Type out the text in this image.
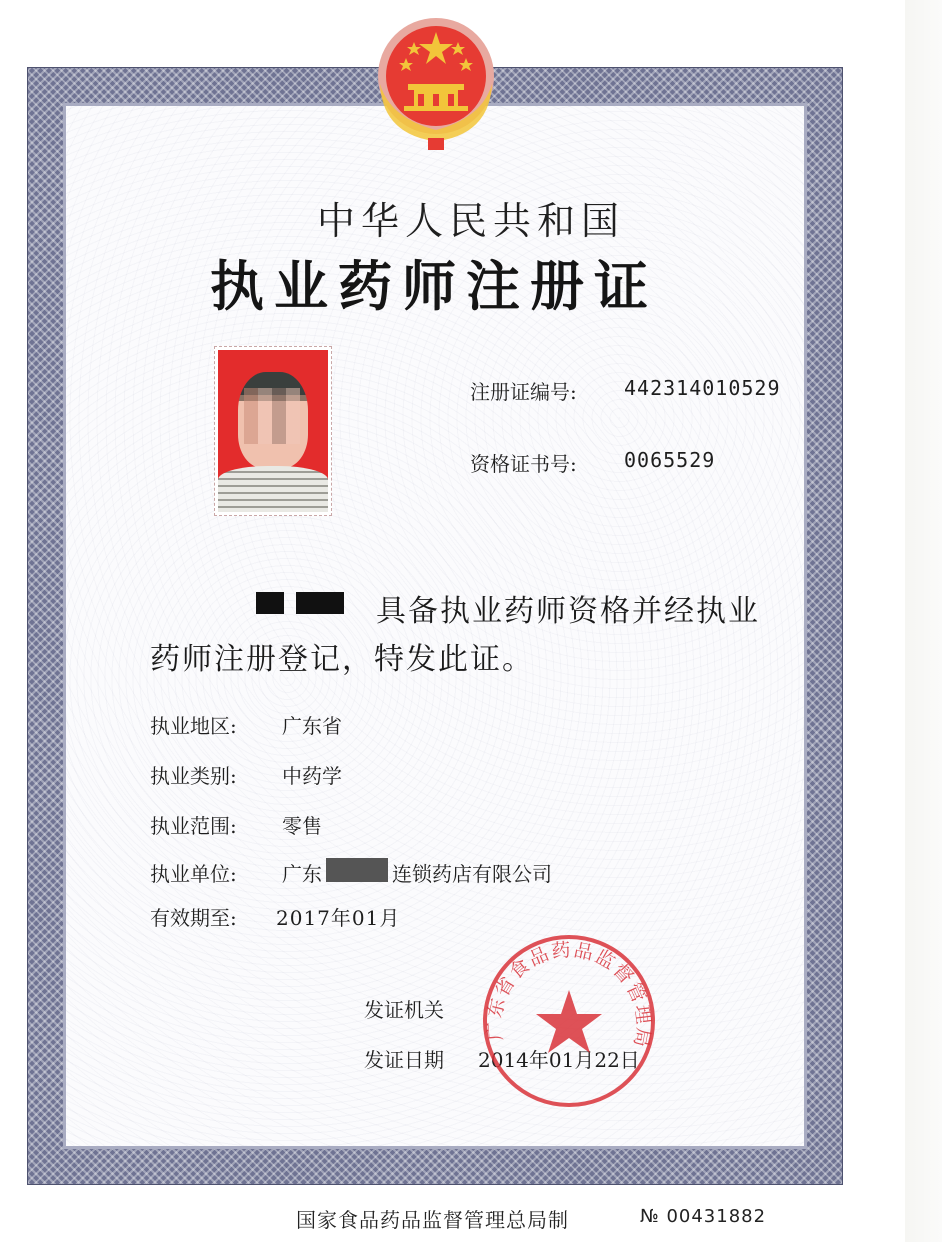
中华人民共和国
执业药师注册证
注册证编号: 442314010529
资格证书号: 0065529
具备执业药师资格并经执业
药师注册登记，特发此证。
执业地区: 广东省
执业类别: 中药学
执业范围: 零售
执业单位: 广东	连锁药店有限公司
有效期至: 2017年01月
发证机关
发证日期 2014年01月22日
广东省食品药品监督管理局
国家食品药品监督管理总局制	№ 00431882
